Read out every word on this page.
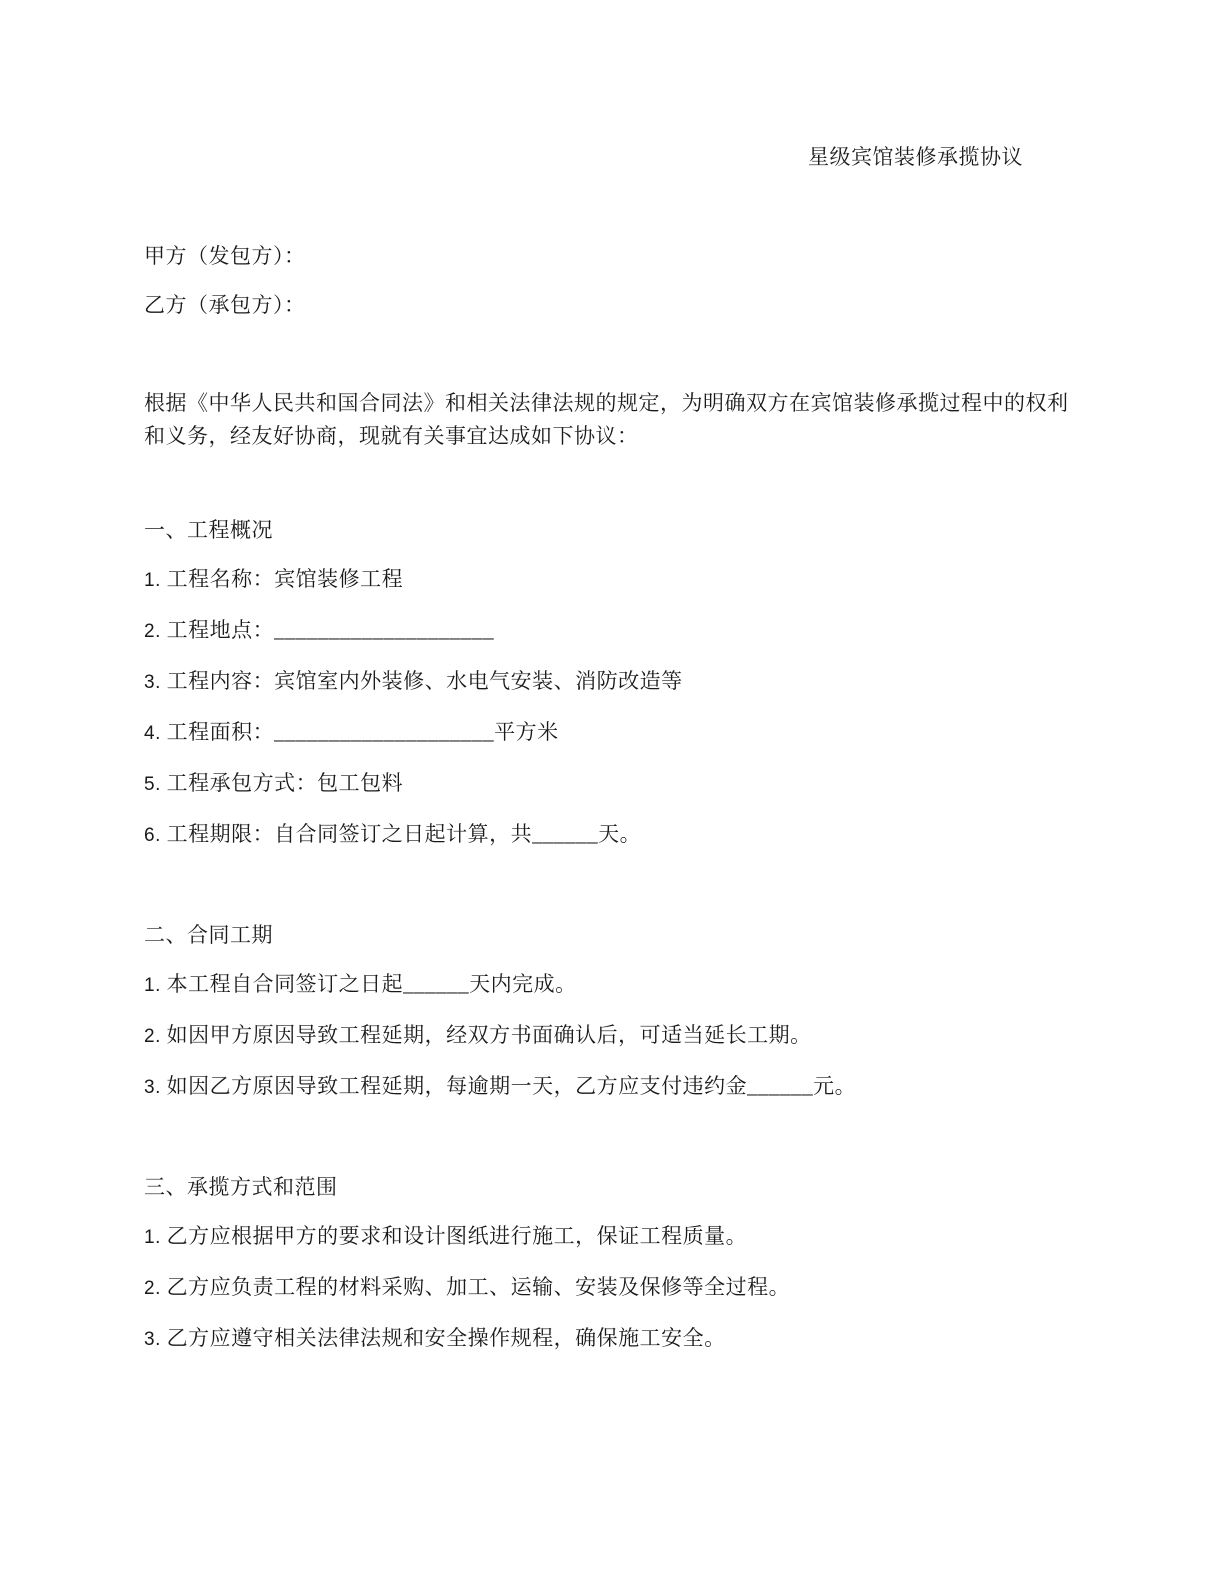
星级宾馆装修承揽协议
甲方（发包方）：
乙方（承包方）：
根据《中华人民共和国合同法》和相关法律法规的规定，为明确双方在宾馆装修承揽过程中的权利和义务，经友好协商，现就有关事宜达成如下协议：
一、工程概况
1. 工程名称：宾馆装修工程
2. 工程地点：____________________
3. 工程内容：宾馆室内外装修、水电气安装、消防改造等
4. 工程面积：____________________平方米
5. 工程承包方式：包工包料
6. 工程期限：自合同签订之日起计算，共______天。
二、合同工期
1. 本工程自合同签订之日起______天内完成。
2. 如因甲方原因导致工程延期，经双方书面确认后，可适当延长工期。
3. 如因乙方原因导致工程延期，每逾期一天，乙方应支付违约金______元。
三、承揽方式和范围
1. 乙方应根据甲方的要求和设计图纸进行施工，保证工程质量。
2. 乙方应负责工程的材料采购、加工、运输、安装及保修等全过程。
3. 乙方应遵守相关法律法规和安全操作规程，确保施工安全。
